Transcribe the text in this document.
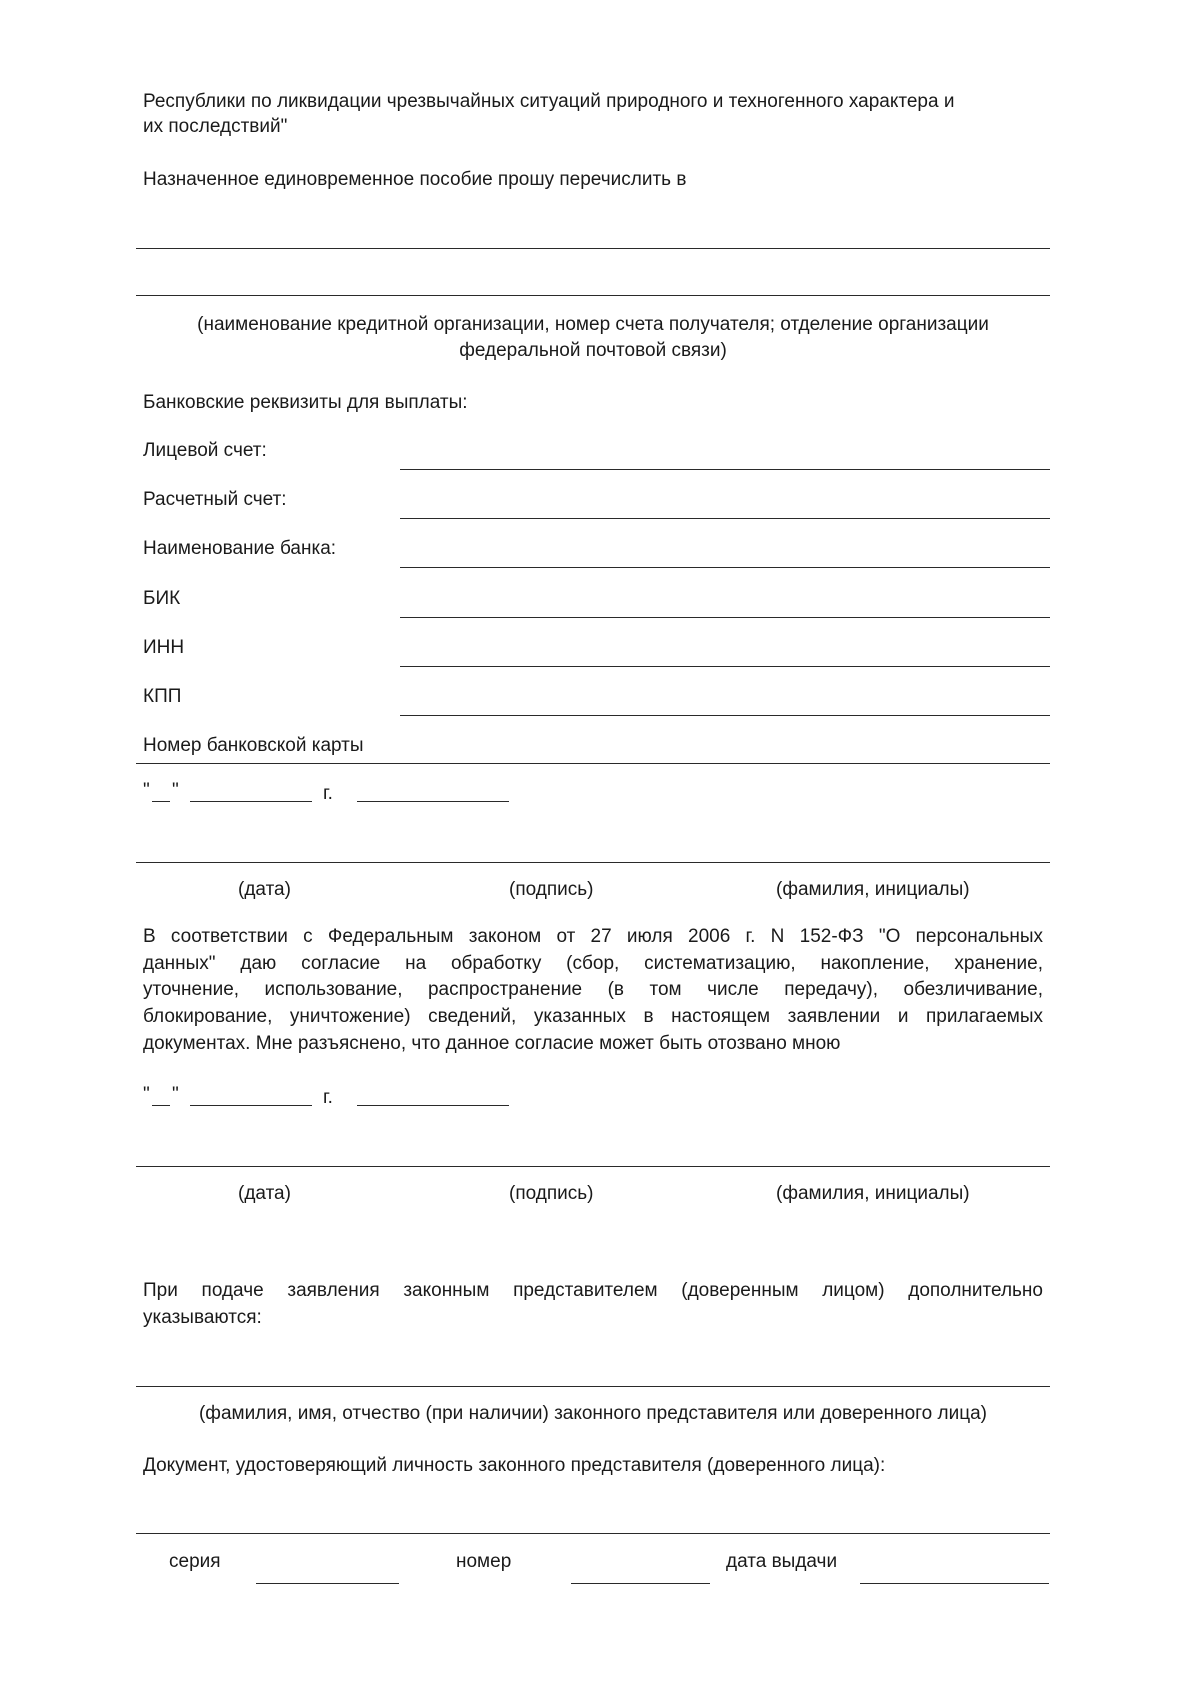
Республики по ликвидации чрезвычайных ситуаций природного и техногенного характера и
их последствий"
Назначенное единовременное пособие прошу перечислить в
(наименование кредитной организации, номер счета получателя; отделение организации
федеральной почтовой связи)
Банковские реквизиты для выплаты:
Лицевой счет:
Расчетный счет:
Наименование банка:
БИК
ИНН
КПП
Номер банковской карты
" "	г.
(дата)	(подпись)	(фамилия, инициалы)
В соответствии с Федеральным законом от 27 июля 2006 г. N 152-ФЗ "О персональных
данных" даю согласие на обработку (сбор, систематизацию, накопление, хранение,
уточнение, использование, распространение (в том числе передачу), обезличивание,
блокирование, уничтожение) сведений, указанных в настоящем заявлении и прилагаемых
документах. Мне разъяснено, что данное согласие может быть отозвано мною
" "	г.
(дата)	(подпись)	(фамилия, инициалы)
При подаче заявления законным представителем (доверенным лицом) дополнительно
указываются:
(фамилия, имя, отчество (при наличии) законного представителя или доверенного лица)
Документ, удостоверяющий личность законного представителя (доверенного лица):
серия	номер	дата выдачи
